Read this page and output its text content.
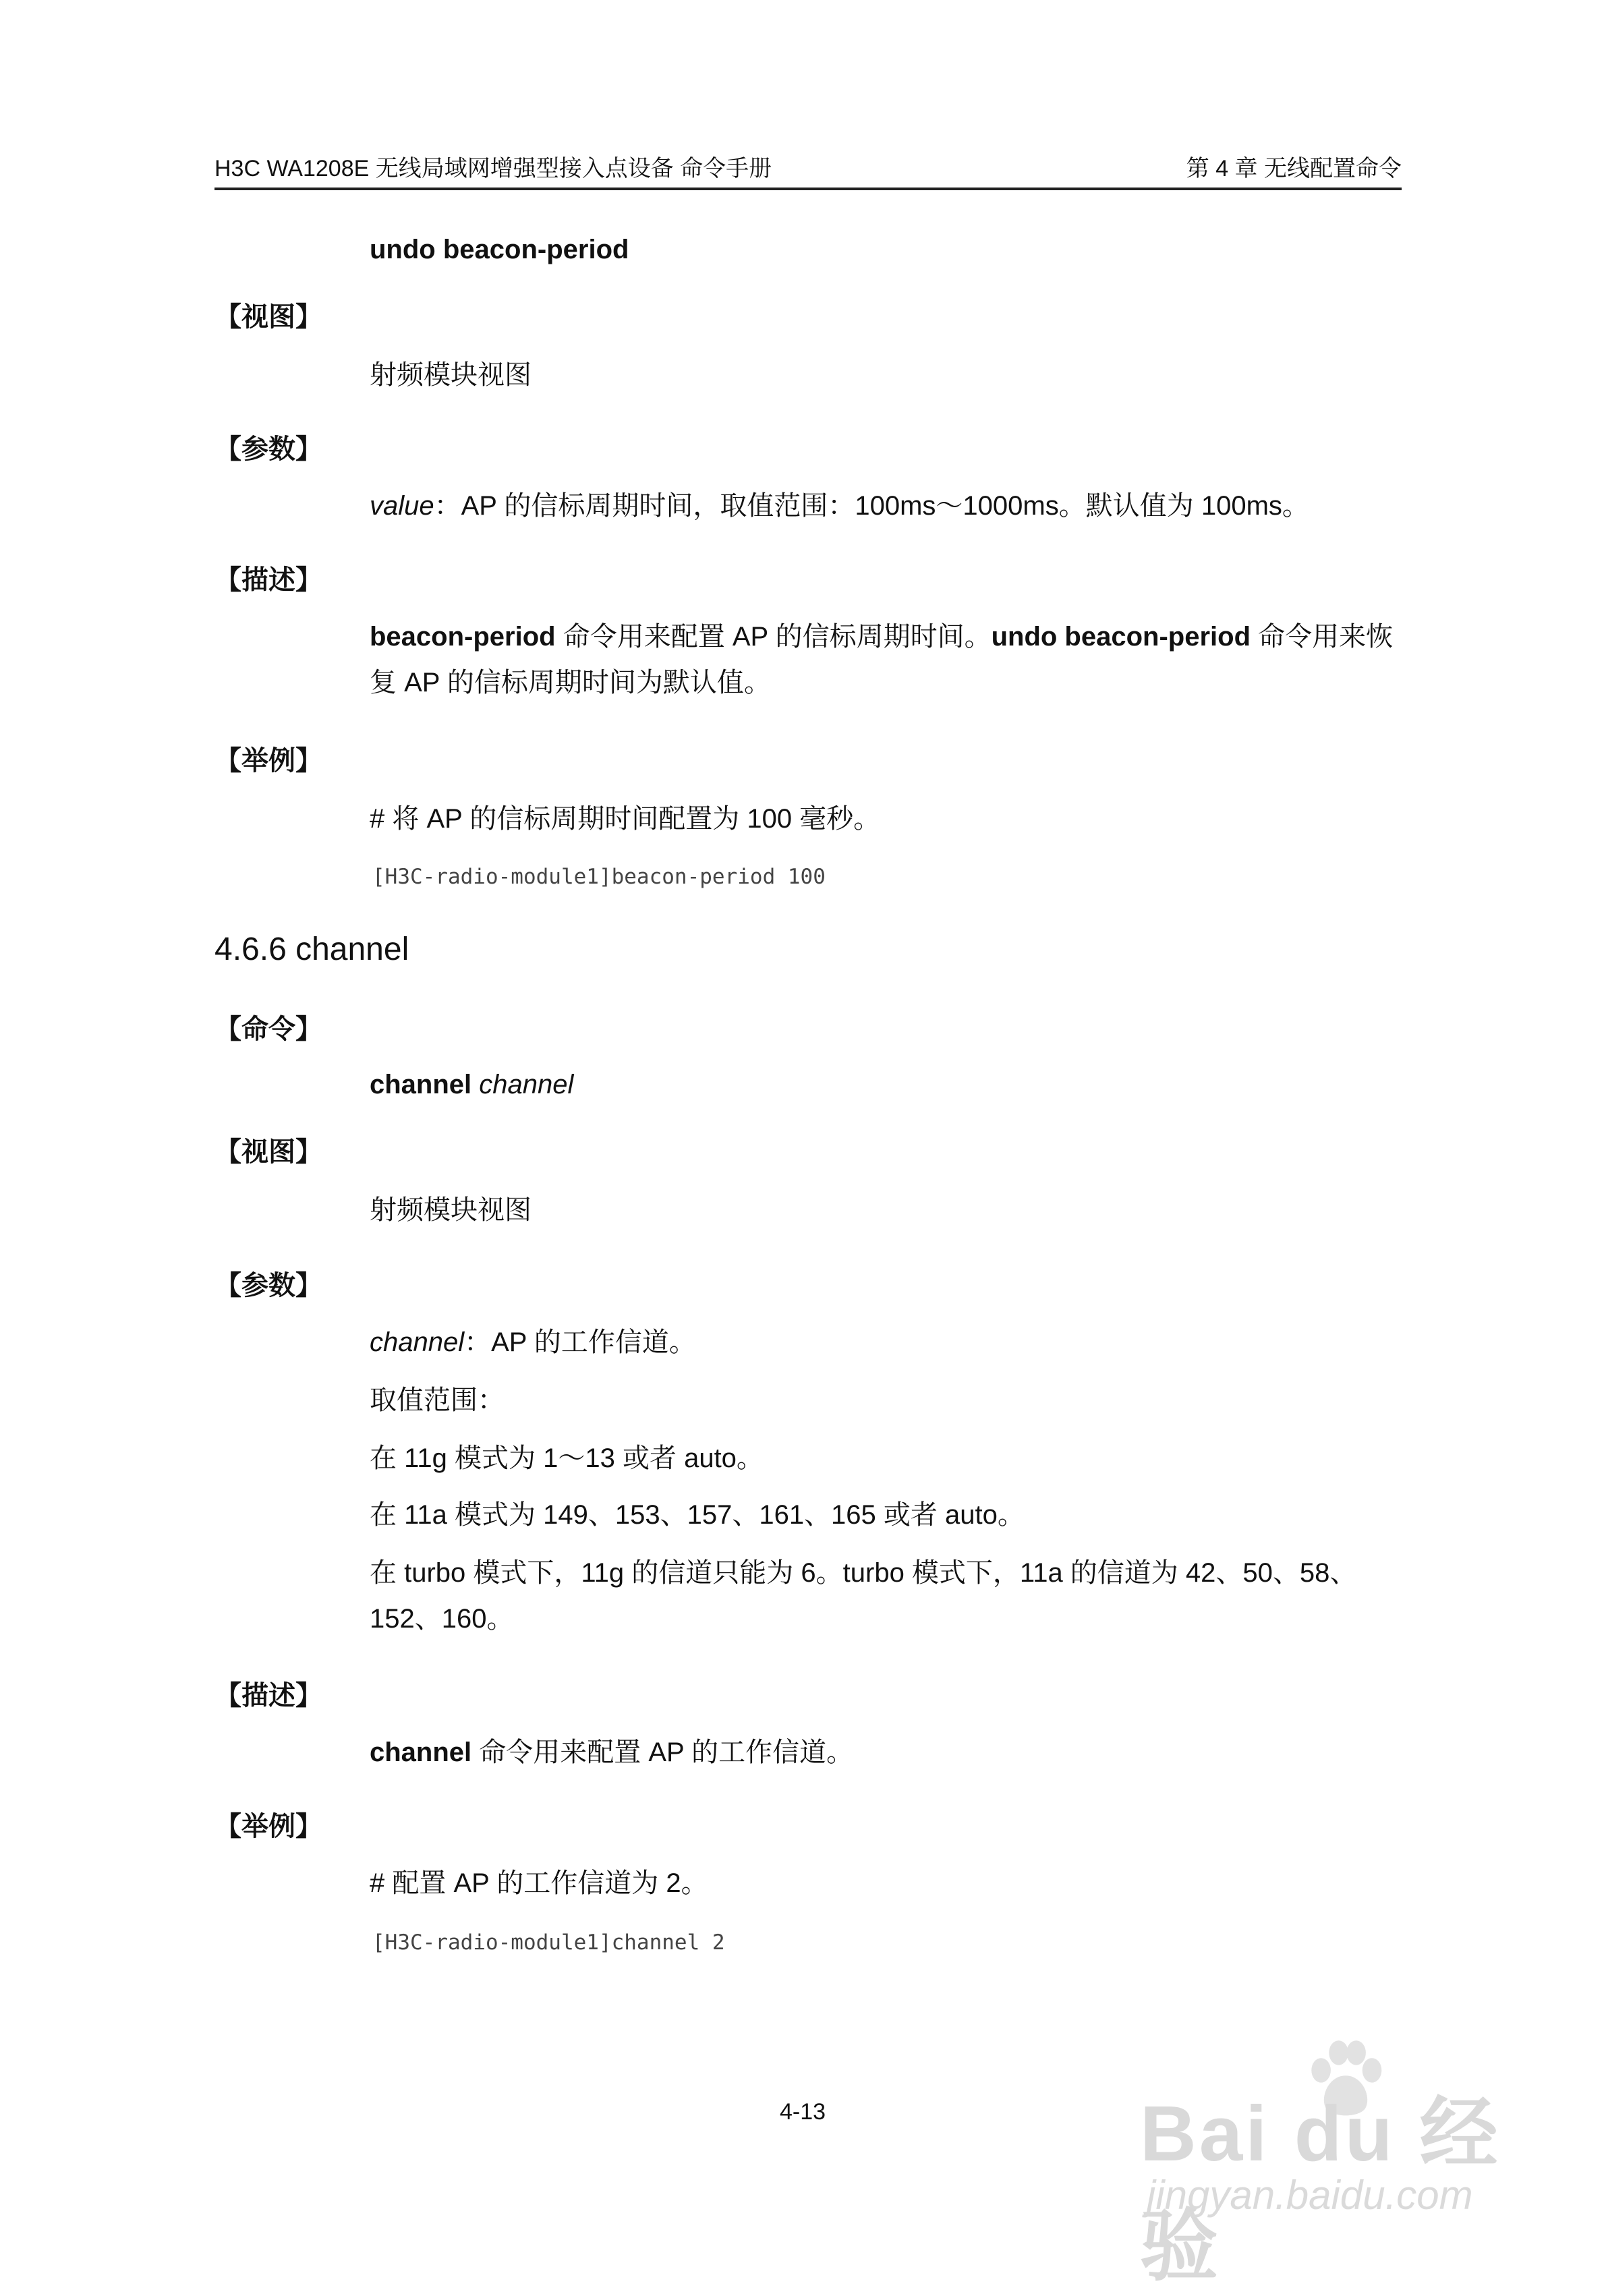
H3C WA1208E 无线局域网增强型接入点设备 命令手册	第 4 章 无线配置命令
undo beacon-period
【视图】
射频模块视图
【参数】
value：AP 的信标周期时间，取值范围：100ms～1000ms。默认值为 100ms。
【描述】
beacon-period 命令用来配置 AP 的信标周期时间。undo beacon-period 命令用来恢复 AP 的信标周期时间为默认值。
【举例】
# 将 AP 的信标周期时间配置为 100 毫秒。
[H3C-radio-module1]beacon-period 100
4.6.6 channel
【命令】
channel channel
【视图】
射频模块视图
【参数】
channel：AP 的工作信道。
取值范围：
在 11g 模式为 1～13 或者 auto。
在 11a 模式为 149、153、157、161、165 或者 auto。
在 turbo 模式下，11g 的信道只能为 6。turbo 模式下，11a 的信道为 42、50、58、152、160。
【描述】
channel 命令用来配置 AP 的工作信道。
【举例】
# 配置 AP 的工作信道为 2。
[H3C-radio-module1]channel 2
4-13	Bai du 经验
jingyan.baidu.com
